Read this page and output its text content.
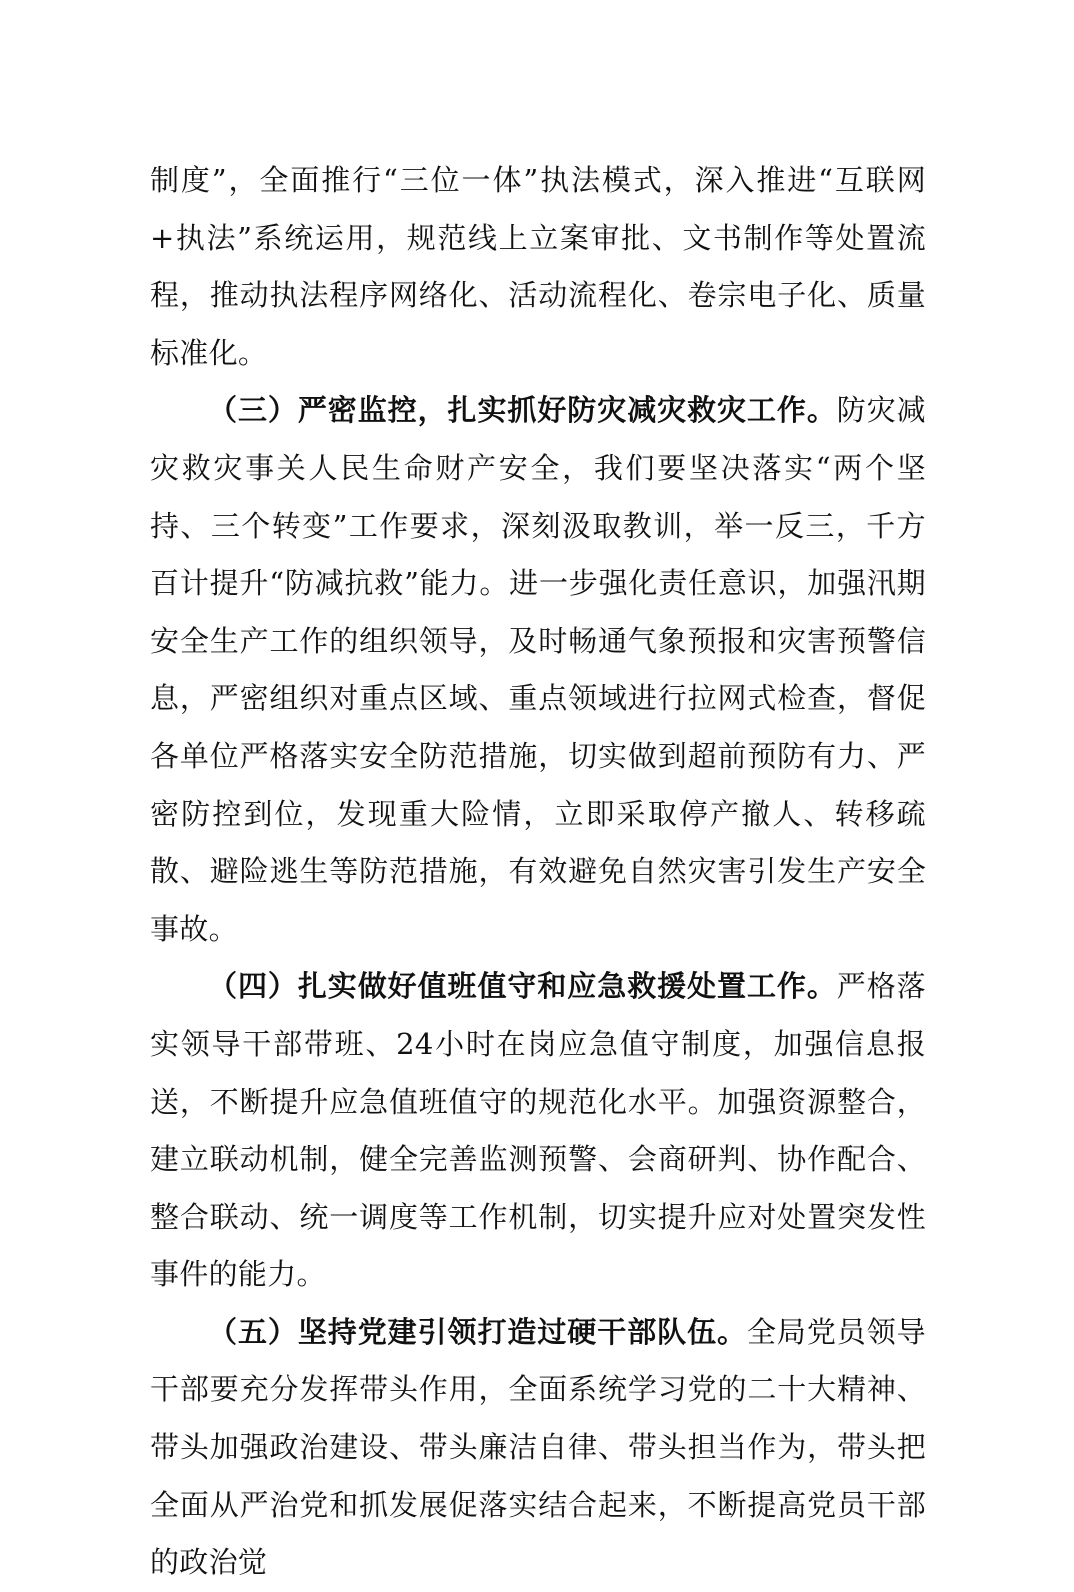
制度”，全面推行“三位一体”执法模式，深入推进“互联网+执法”系统运用，规范线上立案审批、文书制作等处置流程，推动执法程序网络化、活动流程化、卷宗电子化、质量标准化。

（三）严密监控，扎实抓好防灾减灾救灾工作。防灾减灾救灾事关人民生命财产安全，我们要坚决落实“两个坚持、三个转变”工作要求，深刻汲取教训，举一反三，千方百计提升“防减抗救”能力。进一步强化责任意识，加强汛期安全生产工作的组织领导，及时畅通气象预报和灾害预警信息，严密组织对重点区域、重点领域进行拉网式检查，督促各单位严格落实安全防范措施，切实做到超前预防有力、严密防控到位，发现重大险情，立即采取停产撤人、转移疏散、避险逃生等防范措施，有效避免自然灾害引发生产安全事故。

（四）扎实做好值班值守和应急救援处置工作。严格落实领导干部带班、24小时在岗应急值守制度，加强信息报送，不断提升应急值班值守的规范化水平。加强资源整合，建立联动机制，健全完善监测预警、会商研判、协作配合、整合联动、统一调度等工作机制，切实提升应对处置突发性事件的能力。

（五）坚持党建引领打造过硬干部队伍。全局党员领导干部要充分发挥带头作用，全面系统学习党的二十大精神、带头加强政治建设、带头廉洁自律、带头担当作为，带头把全面从严治党和抓发展促落实结合起来，不断提高党员干部的政治觉
